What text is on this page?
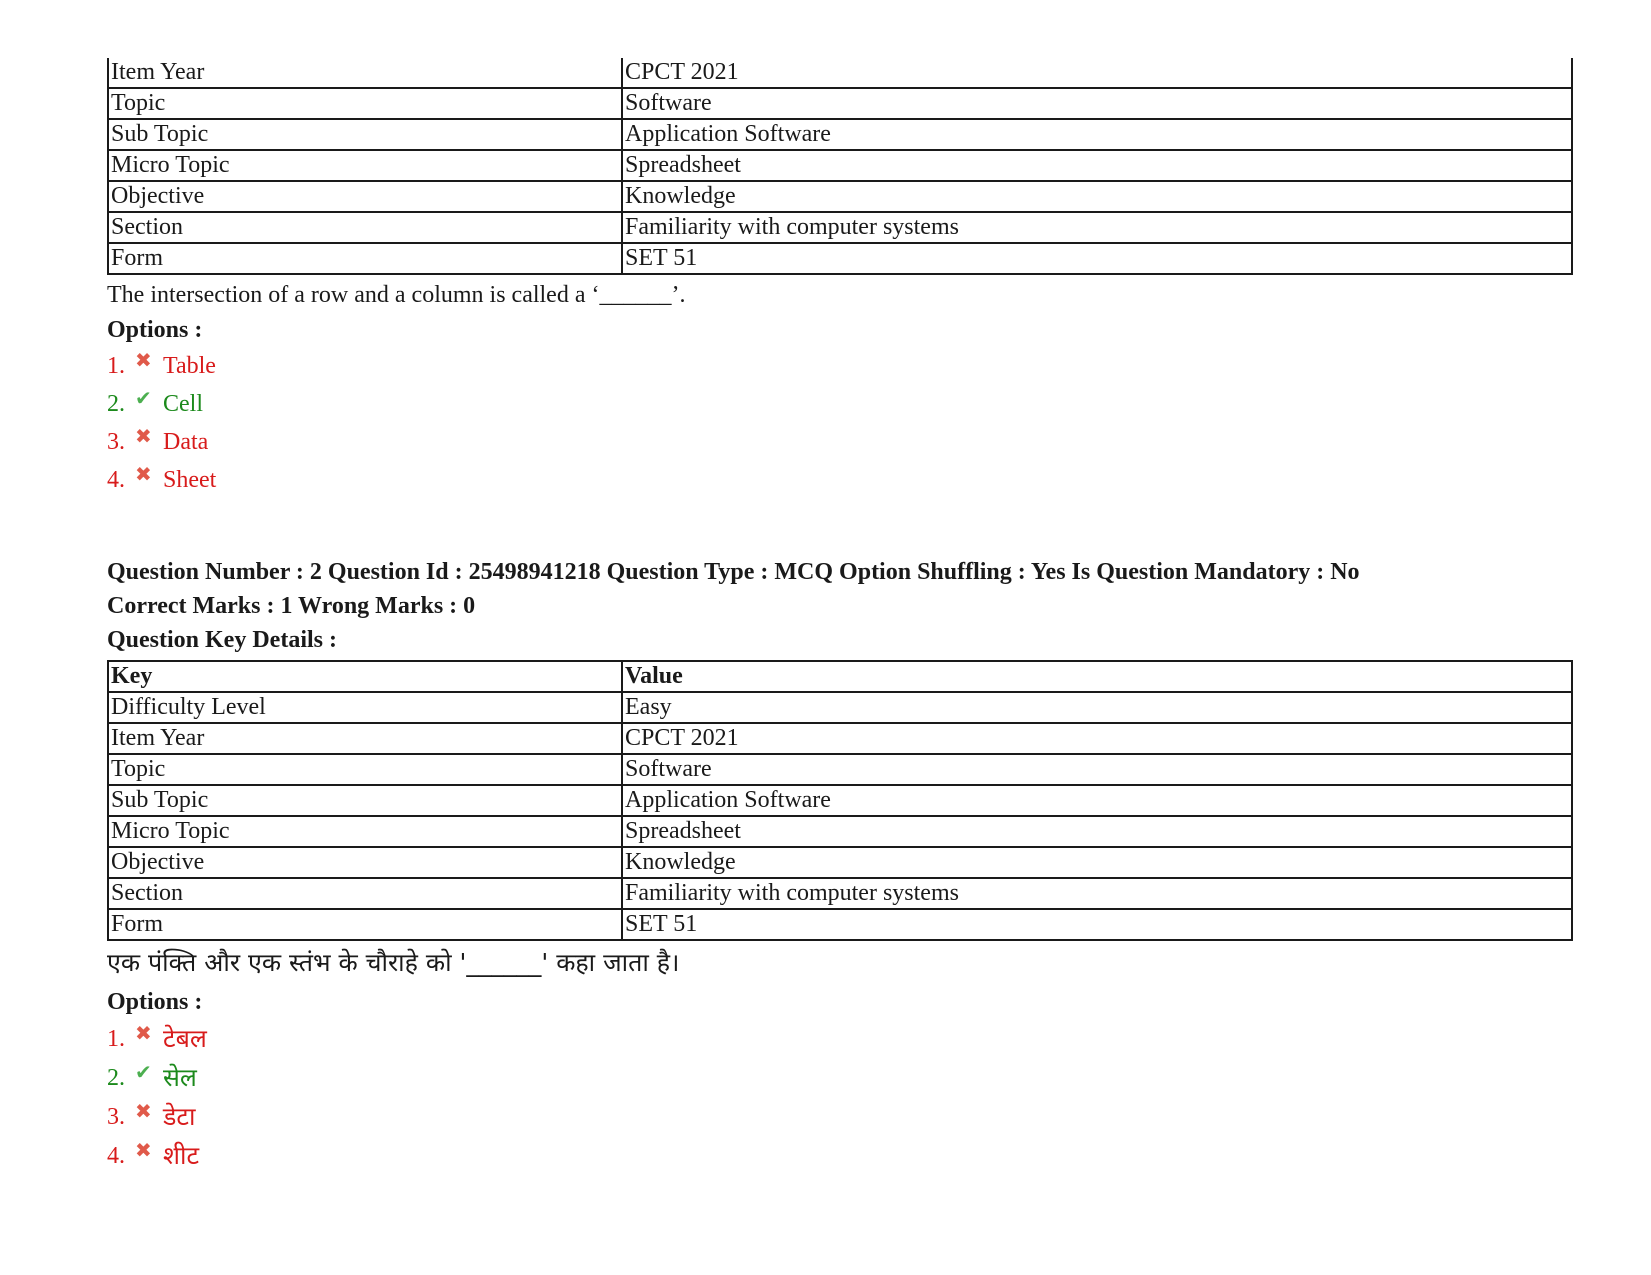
Item Year	CPCT 2021
Topic	Software
Sub Topic	Application Software
Micro Topic	Spreadsheet
Objective	Knowledge
Section	Familiarity with computer systems
Form	SET 51
The intersection of a row and a column is called a ‘______’.
Options :
1. ✖ Table
2. ✔ Cell
3. ✖ Data
4. ✖ Sheet
Question Number : 2 Question Id : 25498941218 Question Type : MCQ Option Shuffling : Yes Is Question Mandatory : No
Correct Marks : 1 Wrong Marks : 0
Question Key Details :
Key	Value
Difficulty Level	Easy
Item Year	CPCT 2021
Topic	Software
Sub Topic	Application Software
Micro Topic	Spreadsheet
Objective	Knowledge
Section	Familiarity with computer systems
Form	SET 51
एक पंक्ति और एक स्तंभ के चौराहे को '______' कहा जाता है।
Options :
1. ✖ टेबल
2. ✔ सेल
3. ✖ डेटा
4. ✖ शीट
